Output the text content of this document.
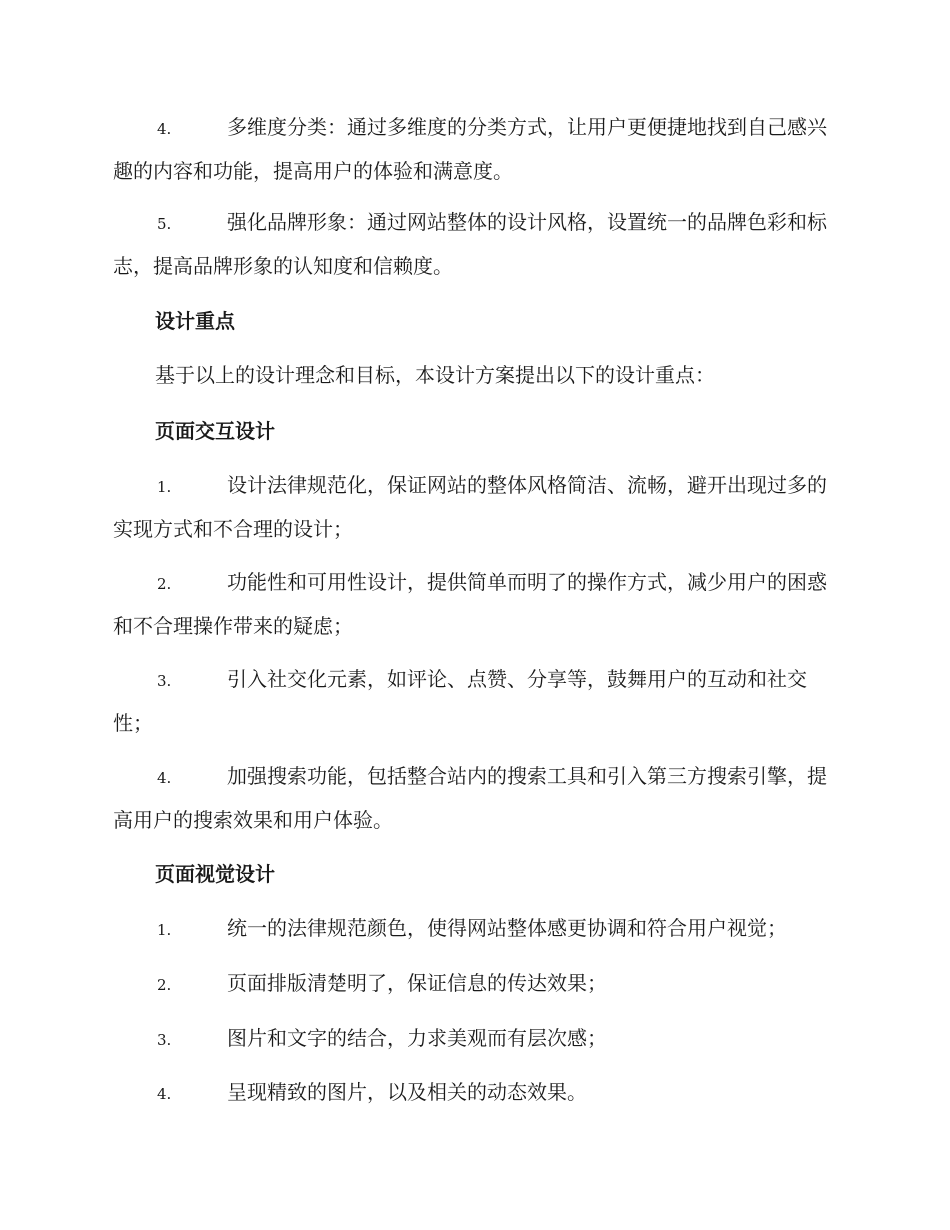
4.	多维度分类：通过多维度的分类方式，让用户更便捷地找到自己感兴趣的内容和功能，提高用户的体验和满意度。
5.	强化品牌形象：通过网站整体的设计风格，设置统一的品牌色彩和标志，提高品牌形象的认知度和信赖度。
设计重点
基于以上的设计理念和目标，本设计方案提出以下的设计重点：
页面交互设计
1.	设计法律规范化，保证网站的整体风格简洁、流畅，避开出现过多的实现方式和不合理的设计；
2.	功能性和可用性设计，提供简单而明了的操作方式，减少用户的困惑和不合理操作带来的疑虑；
3.	引入社交化元素，如评论、点赞、分享等，鼓舞用户的互动和社交性；
4.	加强搜索功能，包括整合站内的搜索工具和引入第三方搜索引擎，提高用户的搜索效果和用户体验。
页面视觉设计
1.	统一的法律规范颜色，使得网站整体感更协调和符合用户视觉；
2.	页面排版清楚明了，保证信息的传达效果；
3.	图片和文字的结合，力求美观而有层次感；
4.	呈现精致的图片，以及相关的动态效果。
